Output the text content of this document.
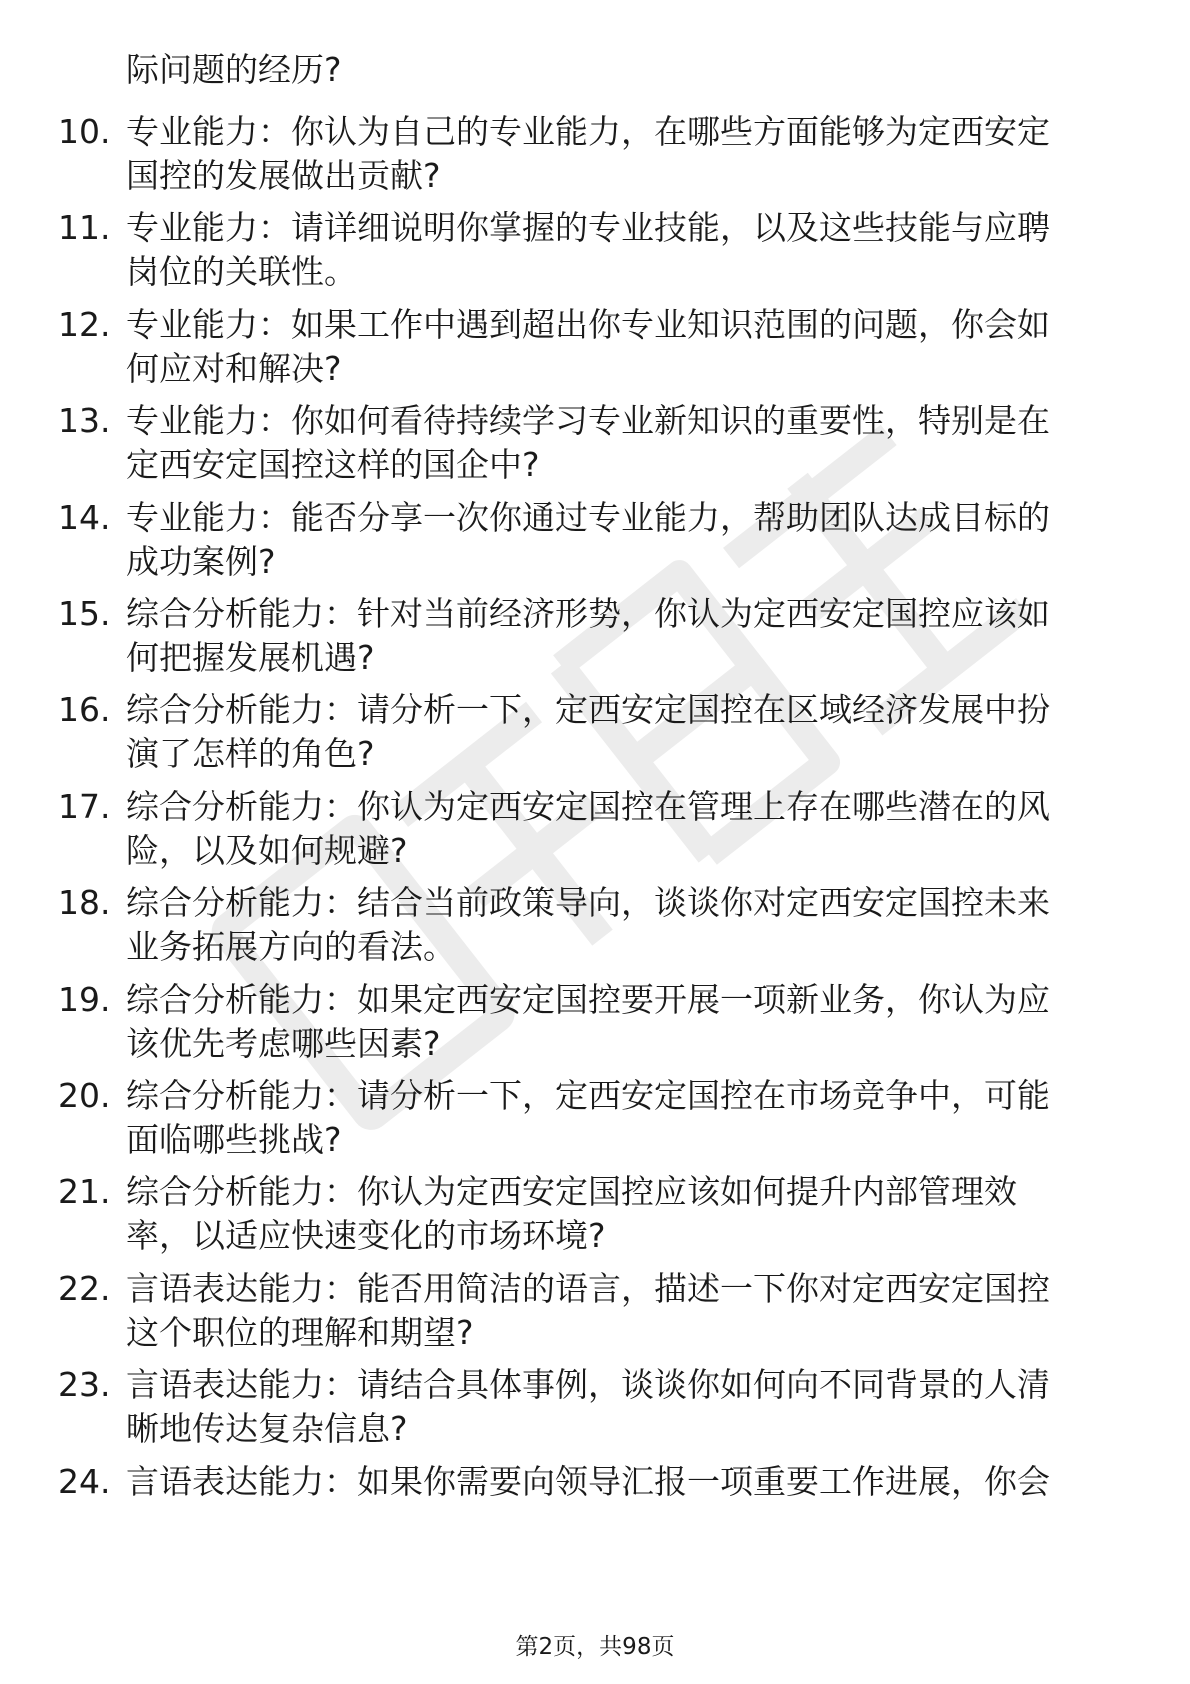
际问题的经历?
10. 专业能力：你认为自己的专业能力，在哪些方面能够为定西安定
国控的发展做出贡献?
11. 专业能力：请详细说明你掌握的专业技能，以及这些技能与应聘
岗位的关联性。
12. 专业能力：如果工作中遇到超出你专业知识范围的问题，你会如
何应对和解决?
13. 专业能力：你如何看待持续学习专业新知识的重要性，特别是在
定西安定国控这样的国企中?
14. 专业能力：能否分享一次你通过专业能力，帮助团队达成目标的
成功案例?
15. 综合分析能力：针对当前经济形势，你认为定西安定国控应该如
何把握发展机遇?
16. 综合分析能力：请分析一下，定西安定国控在区域经济发展中扮
演了怎样的角色?
17. 综合分析能力：你认为定西安定国控在管理上存在哪些潜在的风
险，以及如何规避?
18. 综合分析能力：结合当前政策导向，谈谈你对定西安定国控未来
业务拓展方向的看法。
19. 综合分析能力：如果定西安定国控要开展一项新业务，你认为应
该优先考虑哪些因素?
20. 综合分析能力：请分析一下，定西安定国控在市场竞争中，可能
面临哪些挑战?
21. 综合分析能力：你认为定西安定国控应该如何提升内部管理效
率，以适应快速变化的市场环境?
22. 言语表达能力：能否用简洁的语言，描述一下你对定西安定国控
这个职位的理解和期望?
23. 言语表达能力：请结合具体事例，谈谈你如何向不同背景的人清
晰地传达复杂信息?
24. 言语表达能力：如果你需要向领导汇报一项重要工作进展，你会
第2页，共98页
